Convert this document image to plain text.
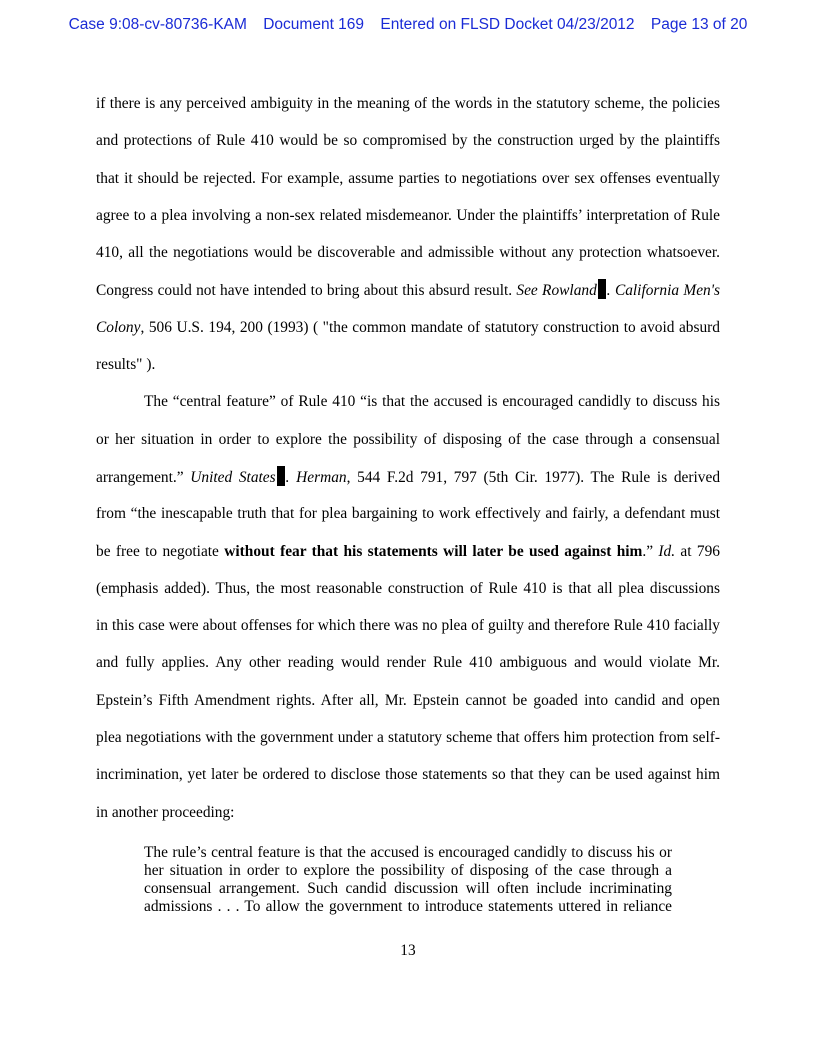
Case 9:08-cv-80736-KAM Document 169 Entered on FLSD Docket 04/23/2012 Page 13 of 20
if there is any perceived ambiguity in the meaning of the words in the statutory scheme, the policies
and protections of Rule 410 would be so compromised by the construction urged by the plaintiffs
that it should be rejected. For example, assume parties to negotiations over sex offenses eventually
agree to a plea involving a non-sex related misdemeanor. Under the plaintiffs’ interpretation of Rule
410, all the negotiations would be discoverable and admissible without any protection whatsoever.
Congress could not have intended to bring about this absurd result. See Rowland . California Men's
Colony, 506 U.S. 194, 200 (1993) ( "the common mandate of statutory construction to avoid absurd
results" ).
The “central feature” of Rule 410 “is that the accused is encouraged candidly to discuss his
or her situation in order to explore the possibility of disposing of the case through a consensual
arrangement.” United States . Herman, 544 F.2d 791, 797 (5th Cir. 1977). The Rule is derived
from “the inescapable truth that for plea bargaining to work effectively and fairly, a defendant must
be free to negotiate without fear that his statements will later be used against him.” Id. at 796
(emphasis added). Thus, the most reasonable construction of Rule 410 is that all plea discussions
in this case were about offenses for which there was no plea of guilty and therefore Rule 410 facially
and fully applies. Any other reading would render Rule 410 ambiguous and would violate Mr.
Epstein’s Fifth Amendment rights. After all, Mr. Epstein cannot be goaded into candid and open
plea negotiations with the government under a statutory scheme that offers him protection from self-
incrimination, yet later be ordered to disclose those statements so that they can be used against him
in another proceeding:
The rule’s central feature is that the accused is encouraged candidly to discuss his or
her situation in order to explore the possibility of disposing of the case through a
consensual arrangement. Such candid discussion will often include incriminating
admissions . . . To allow the government to introduce statements uttered in reliance
13
